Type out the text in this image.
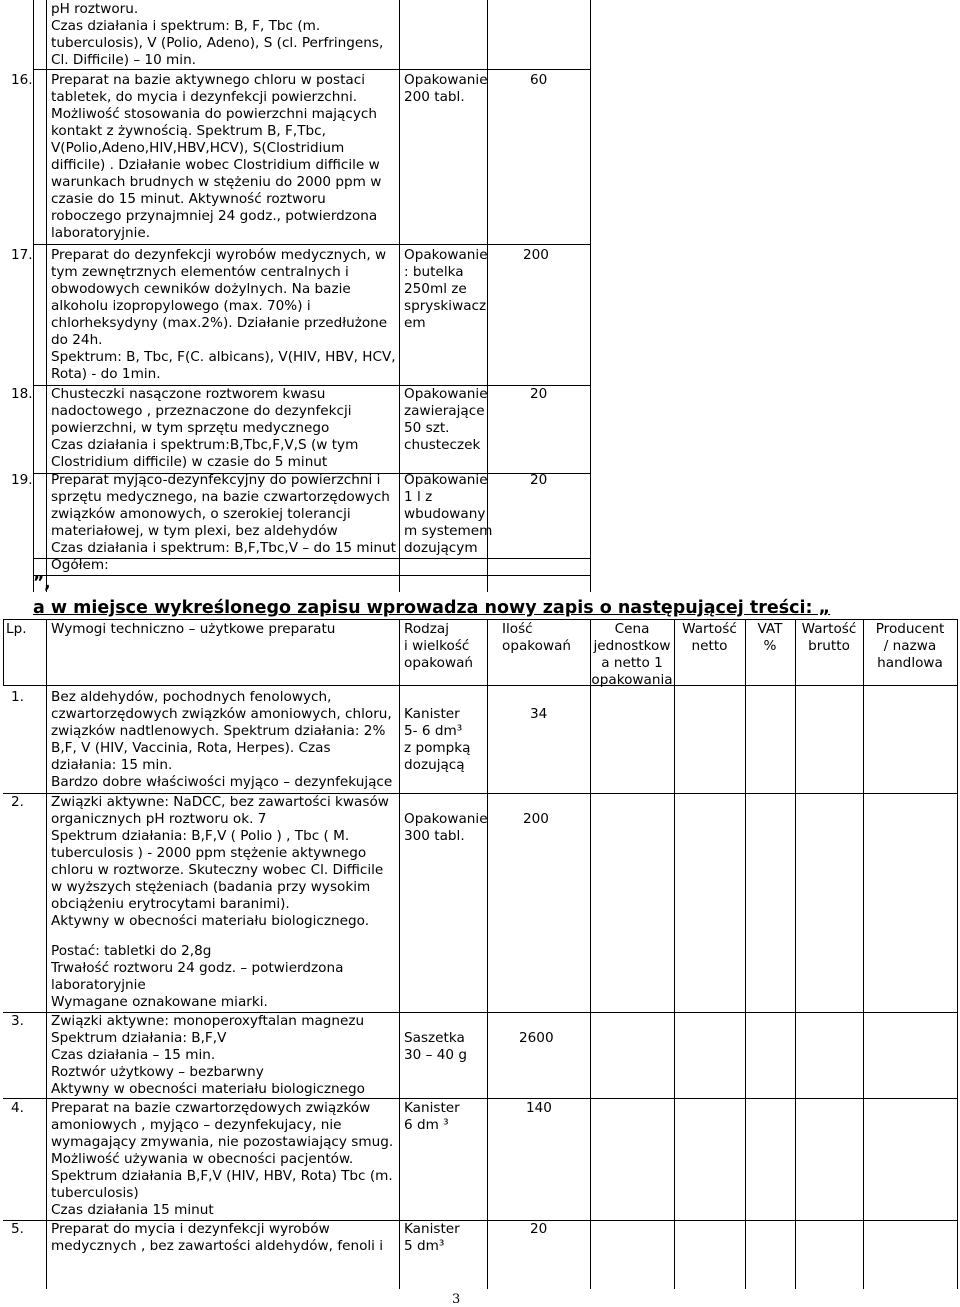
pH roztworu.
Czas działania i spektrum: B, F, Tbc (m.
tuberculosis), V (Polio, Adeno), S (cl. Perfringens,
Cl. Difficile) – 10 min.
16. Preparat na bazie aktywnego chloru w postaci
tabletek, do mycia i dezynfekcji powierzchni.
Możliwość stosowania do powierzchni mających
kontakt z żywnością. Spektrum B, F,Tbc,
V(Polio,Adeno,HIV,HBV,HCV), S(Clostridium
difficile) . Działanie wobec Clostridium difficile w
warunkach brudnych w stężeniu do 2000 ppm w
czasie do 15 minut. Aktywność roztworu
roboczego przynajmniej 24 godz., potwierdzona
laboratoryjnie.
Opakowanie
200 tabl.
60
17. Preparat do dezynfekcji wyrobów medycznych, w
tym zewnętrznych elementów centralnych i
obwodowych cewników dożylnych. Na bazie
alkoholu izopropylowego (max. 70%) i
chlorheksydyny (max.2%). Działanie przedłużone
do 24h.
Spektrum: B, Tbc, F(C. albicans), V(HIV, HBV, HCV,
Rota) - do 1min.
Opakowanie
: butelka
250ml ze
spryskiwacz
em
200
18. Chusteczki nasączone roztworem kwasu
nadoctowego , przeznaczone do dezynfekcji
powierzchni, w tym sprzętu medycznego
Czas działania i spektrum:B,Tbc,F,V,S (w tym
Clostridium difficile) w czasie do 5 minut
Opakowanie
zawierające
50 szt.
chusteczek
20
19. Preparat myjąco-dezynfekcyjny do powierzchni i
sprzętu medycznego, na bazie czwartorzędowych
związków amonowych, o szerokiej tolerancji
materiałowej, w tym plexi, bez aldehydów
Czas działania i spektrum: B,F,Tbc,V – do 15 minut
Opakowanie
1 l z
wbudowany
m systemem
dozującym
20
Ogółem:
”,
a w miejsce wykreślonego zapisu wprowadza nowy zapis o następującej treści: „
Lp. Wymogi techniczno – użytkowe preparatu	Rodzaj
i wielkość
opakowań
Ilość
opakowań
Cena
jednostkow
a netto 1
opakowania
Wartość
netto
VAT
%
Wartość
brutto
Producent
/ nazwa
handlowa
1. Bez aldehydów, pochodnych fenolowych,
czwartorzędowych związków amoniowych, chloru,
związków nadtlenowych. Spektrum działania: 2%
B,F, V (HIV, Vaccinia, Rota, Herpes). Czas
działania: 15 min.
Bardzo dobre właściwości myjąco – dezynfekujące
Kanister
5- 6 dm³
z pompką
dozującą
34
2. Związki aktywne: NaDCC, bez zawartości kwasów
organicznych pH roztworu ok. 7
Spektrum działania: B,F,V ( Polio ) , Tbc ( M.
tuberculosis ) - 2000 ppm stężenie aktywnego
chloru w roztworze. Skuteczny wobec Cl. Difficile
w wyższych stężeniach (badania przy wysokim
obciążeniu erytrocytami baranimi).
Aktywny w obecności materiału biologicznego.
Postać: tabletki do 2,8g
Trwałość roztworu 24 godz. – potwierdzona
laboratoryjnie
Wymagane oznakowane miarki.
Opakowanie
300 tabl.
200
3. Związki aktywne: monoperoxyftalan magnezu
Spektrum działania: B,F,V
Czas działania – 15 min.
Roztwór użytkowy – bezbarwny
Aktywny w obecności materiału biologicznego
Saszetka
30 – 40 g
2600
4. Preparat na bazie czwartorzędowych związków
amoniowych , myjąco – dezynfekujacy, nie
wymagający zmywania, nie pozostawiający smug.
Możliwość używania w obecności pacjentów.
Spektrum działania B,F,V (HIV, HBV, Rota) Tbc (m.
tuberculosis)
Czas działania 15 minut
Kanister
6 dm ³
140
5. Preparat do mycia i dezynfekcji wyrobów
medycznych , bez zawartości aldehydów, fenoli i
Kanister
5 dm³
20
3
